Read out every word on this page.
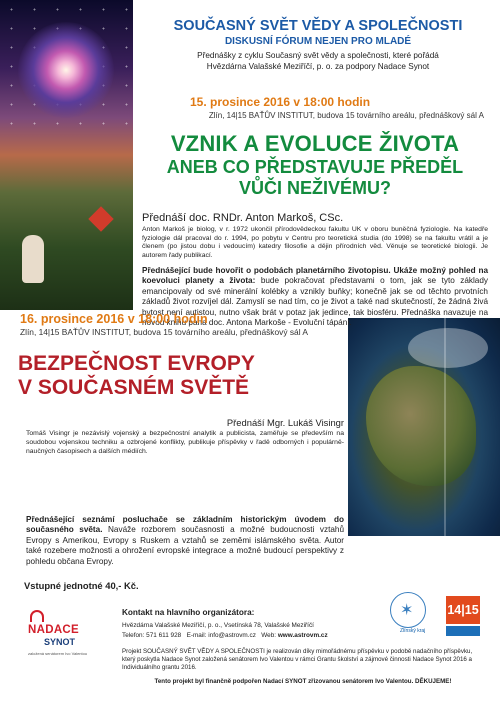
SOUČASNÝ SVĚT VĚDY A SPOLEČNOSTI
DISKUSNÍ FÓRUM NEJEN PRO MLADÉ
Přednášky z cyklu Současný svět vědy a společnosti, které pořádá
Hvězdárna Valašské Meziříčí, p. o. za podpory Nadace Synot
15. prosince 2016 v 18:00 hodin
Zlín, 14|15 BAŤŮV INSTITUT, budova 15 továrního areálu, přednáškový sál A
VZNIK A EVOLUCE ŽIVOTA
ANEB CO PŘEDSTAVUJE PŘEDĚL
VŮČI NEŽIVÉMU?
Přednáší doc. RNDr. Anton Markoš, CSc.
Anton Markoš je biolog, v r. 1972 ukončil přírodovědeckou fakultu UK v oboru buněčná fyziologie. Na katedře fyziologie dál pracoval do r. 1994, po pobytu v Centru pro teoretická studia (do 1998) se na fakultu vrátil a je členem (po jistou dobu i vedoucím) katedry filosofie a dějin přírodních věd. Věnuje se teoretické biologii. Je autorem řady publikací.
Přednášející bude hovořit o podobách planetárního životopisu. Ukáže možný pohled na koevoluci planety a života: bude pokračovat představami o tom, jak se tyto základy emancipovaly od své minerální kolébky a vznikly buňky; konečně jak se od těchto prvotních základů život rozvíjel dál. Zamyslí se nad tím, co je život a také nad skutečností, že žádná živá bytost není autistou, nutno však brát v potaz jak jedince, tak biosféru. Přednáška navazuje na novou knihu pana doc. Antona Markoše - Evoluční tápání.
16. prosince 2016 v 18:00 hodin
Zlín, 14|15 BAŤŮV INSTITUT, budova 15 továrního areálu, přednáškový sál A
BEZPEČNOST EVROPY
V SOUČASNÉM SVĚTĚ
Přednáší Mgr. Lukáš Visingr
Tomáš Visingr je nezávislý vojenský a bezpečnostní analytik a publicista, zaměřuje se především na soudobou vojenskou techniku a ozbrojené konflikty, publikuje příspěvky v řadě odborných i populárně-naučných časopisech a dalších médiích.
Přednášející seznámí posluchače se základním historickým úvodem do současného světa. Naváže rozborem současnosti a možné budoucnosti vztahů Evropy s Amerikou, Evropy s Ruskem a vztahů se zeměmi islámského světa. Autor také rozebere možnosti a ohrožení evropské integrace a možné budoucí perspektivy z pohledu občana Evropy.
Vstupné jednotné 40,- Kč.
Kontakt na hlavního organizátora:
Hvězdárna Valašské Meziříčí, p. o., Vsetínská 78, Valašské Meziříčí
Telefon: 571 611 928 E-mail: info@astrovm.cz Web: www.astrovm.cz
Projekt SOUČASNÝ SVĚT VĚDY A SPOLEČNOSTI je realizován díky mimořádnému příspěvku v podobě nadačního příspěvku, který poskytla Nadace Synot založená senátorem Ivo Valentou v rámci Grantu školství a zájmové činnosti Nadace Synot 2016 a Individuálního grantu 2016.
Tento projekt byl finančně podpořen Nadací SYNOT zřizovanou senátorem Ivo Valentou. DĚKUJEME!
NADACE
SYNOT
založená senátorem Ivo Valentou
✶
Zlínský kraj
14|15
